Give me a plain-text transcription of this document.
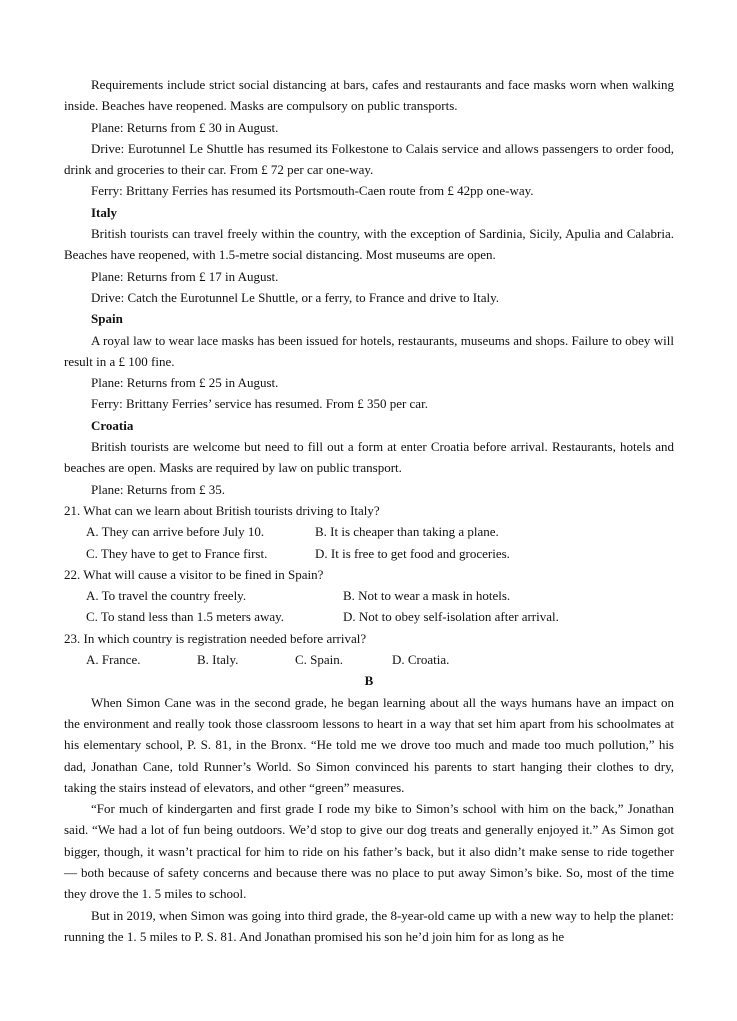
Requirements include strict social distancing at bars, cafes and restaurants and face masks worn when walking inside. Beaches have reopened. Masks are compulsory on public transports.

Plane: Returns from £ 30 in August.

Drive: Eurotunnel Le Shuttle has resumed its Folkestone to Calais service and allows passengers to order food, drink and groceries to their car. From £ 72 per car one-way.

Ferry: Brittany Ferries has resumed its Portsmouth-Caen route from £ 42pp one-way.

Italy

British tourists can travel freely within the country, with the exception of Sardinia, Sicily, Apulia and Calabria. Beaches have reopened, with 1.5-metre social distancing. Most museums are open.

Plane: Returns from £ 17 in August.

Drive: Catch the Eurotunnel Le Shuttle, or a ferry, to France and drive to Italy.

Spain

A royal law to wear lace masks has been issued for hotels, restaurants, museums and shops. Failure to obey will result in a £ 100 fine.

Plane: Returns from £ 25 in August.

Ferry: Brittany Ferries’ service has resumed. From £ 350 per car.

Croatia

British tourists are welcome but need to fill out a form at enter Croatia before arrival. Restaurants, hotels and beaches are open. Masks are required by law on public transport.

Plane: Returns from £ 35.

21. What can we learn about British tourists driving to Italy?

A. They can arrive before July 10.	B. It is cheaper than taking a plane.
C. They have to get to France first.	D. It is free to get food and groceries.

22. What will cause a visitor to be fined in Spain?

A. To travel the country freely.	B. Not to wear a mask in hotels.
C. To stand less than 1.5 meters away.	D. Not to obey self-isolation after arrival.

23. In which country is registration needed before arrival?

A. France.	B. Italy.	C. Spain.	D. Croatia.

B

When Simon Cane was in the second grade, he began learning about all the ways humans have an impact on the environment and really took those classroom lessons to heart in a way that set him apart from his schoolmates at his elementary school, P. S. 81, in the Bronx. “He told me we drove too much and made too much pollution,” his dad, Jonathan Cane, told Runner’s World. So Simon convinced his parents to start hanging their clothes to dry, taking the stairs instead of elevators, and other “green” measures.

“For much of kindergarten and first grade I rode my bike to Simon’s school with him on the back,” Jonathan said. “We had a lot of fun being outdoors. We’d stop to give our dog treats and generally enjoyed it.” As Simon got bigger, though, it wasn’t practical for him to ride on his father’s back, but it also didn’t make sense to ride together — both because of safety concerns and because there was no place to put away Simon’s bike. So, most of the time they drove the 1. 5 miles to school.

But in 2019, when Simon was going into third grade, the 8-year-old came up with a new way to help the planet: running the 1. 5 miles to P. S. 81. And Jonathan promised his son he’d join him for as long as he
